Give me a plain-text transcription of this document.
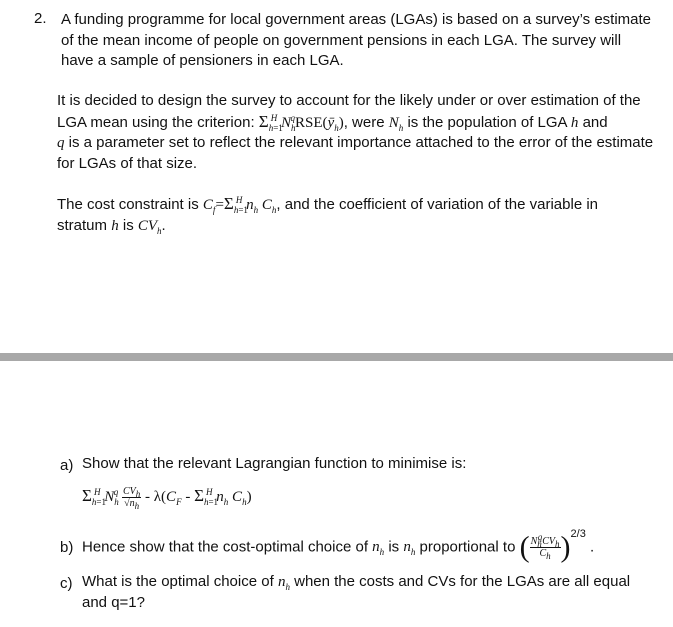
2. A funding programme for local government areas (LGAs) is based on a survey’s estimate
of the mean income of people on government pensions in each LGA. The survey will
have a sample of pensioners in each LGA.
It is decided to design the survey to account for the likely under or over estimation of the
LGA mean using the criterion: $\Sigma_{h=1}^H$ $N_h^qRSE(ȳ_h)$, were $N_h$ is the population of LGA h and
q is a parameter set to reflect the relevant importance attached to the error of the estimate
for LGAs of that size.
The cost constraint is $C_f=\Sigma_{h=1}^H$ $n_h$ $C_h$, and the coefficient of variation of the variable in
stratum h is $CV_h$.
a) Show that the relevant Lagrangian function to minimise is:
$\Sigma_{h=1}^H$ $N_h^q \frac{CV_h}{√n_h} - \lambda(C_F - \Sigma_{h=1}^H$ $n_h$ $C_h$)
b) Hence show that the cost-optimal choice of $n_h$ is $n_h$ proportional to ( $\frac{N_h^qCV_h}{C_h} )^{2/3}$ .
c) What is the optimal choice of $n_h$ when the costs and CVs for the LGAs are all equal
and q=1?
